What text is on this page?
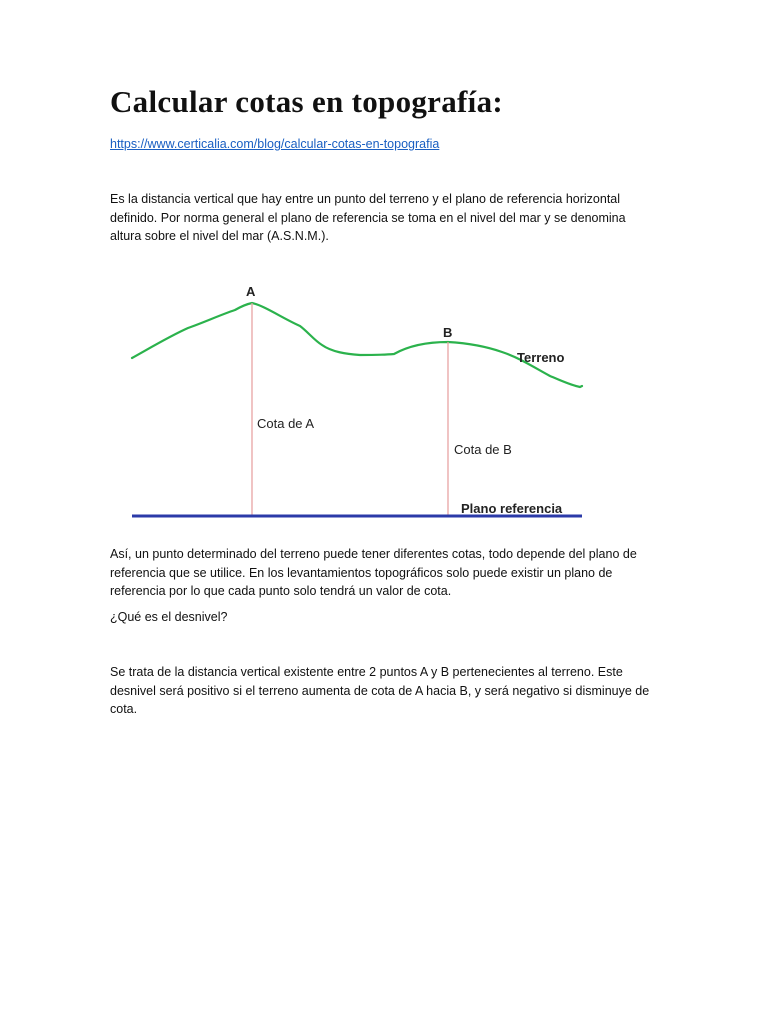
Calcular cotas en topografía:
https://www.certicalia.com/blog/calcular-cotas-en-topografia

Es la distancia vertical que hay entre un punto del terreno y el plano de referencia horizontal definido. Por norma general el plano de referencia se toma en el nivel del mar y se denomina altura sobre el nivel del mar (A.S.N.M.).

A
B
Terreno
Cota de A
Cota de B
Plano referencia

Así, un punto determinado del terreno puede tener diferentes cotas, todo depende del plano de referencia que se utilice. En los levantamientos topográficos solo puede existir un plano de referencia por lo que cada punto solo tendrá un valor de cota.

¿Qué es el desnivel?

Se trata de la distancia vertical existente entre 2 puntos A y B pertenecientes al terreno. Este desnivel será positivo si el terreno aumenta de cota de A hacia B, y será negativo si disminuye de cota.
